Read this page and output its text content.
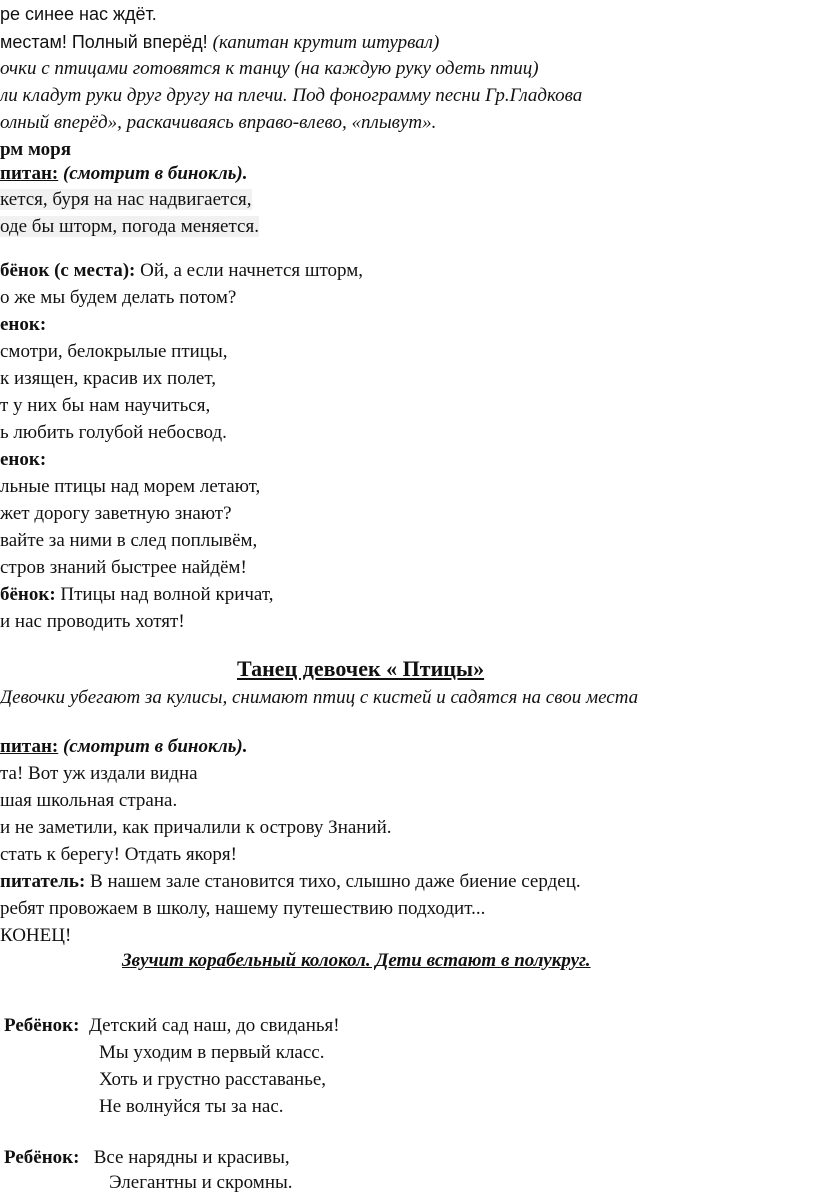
ре синее нас ждёт.
местам! Полный вперёд! (капитан крутит штурвал)
очки с птицами готовятся к танцу (на каждую руку одеть птиц)
ли кладут руки друг другу на плечи. Под фонограмму песни Гр.Гладкова
олный вперёд», раскачиваясь вправо-влево, «плывут».
рм моря
питан: (смотрит в бинокль).
кется, буря на нас надвигается,
оде бы шторм, погода меняется.
бёнок (с места): Ой, а если начнется шторм,
о же мы будем делать потом?
енок:
смотри, белокрылые птицы,
к изящен, красив их полет,
т у них бы нам научиться,
ь любить голубой небосвод.
енок:
льные птицы над морем летают,
жет дорогу заветную знают?
вайте за ними в след поплывём,
стров знаний быстрее найдём!
бёнок: Птицы над волной кричат,
и нас проводить хотят!
Танец девочек « Птицы»
Девочки убегают за кулисы, снимают птиц с кистей и садятся на свои места
питан: (смотрит в бинокль).
та! Вот уж издали видна
шая школьная страна.
и не заметили, как причалили к острову Знаний.
стать к берегу! Отдать якоря!
питатель: В нашем зале становится тихо, слышно даже биение сердец.
ребят провожаем в школу, нашему путешествию подходит...
КОНЕЦ!
Звучит корабельный колокол. Дети встают в полукруг.
Ребёнок:  Детский сад наш, до свиданья!
Мы уходим в первый класс.
Хоть и грустно расставанье,
Не волнуйся ты за нас.
Ребёнок:   Все нарядны и красивы,
Элегантны и скромны.
